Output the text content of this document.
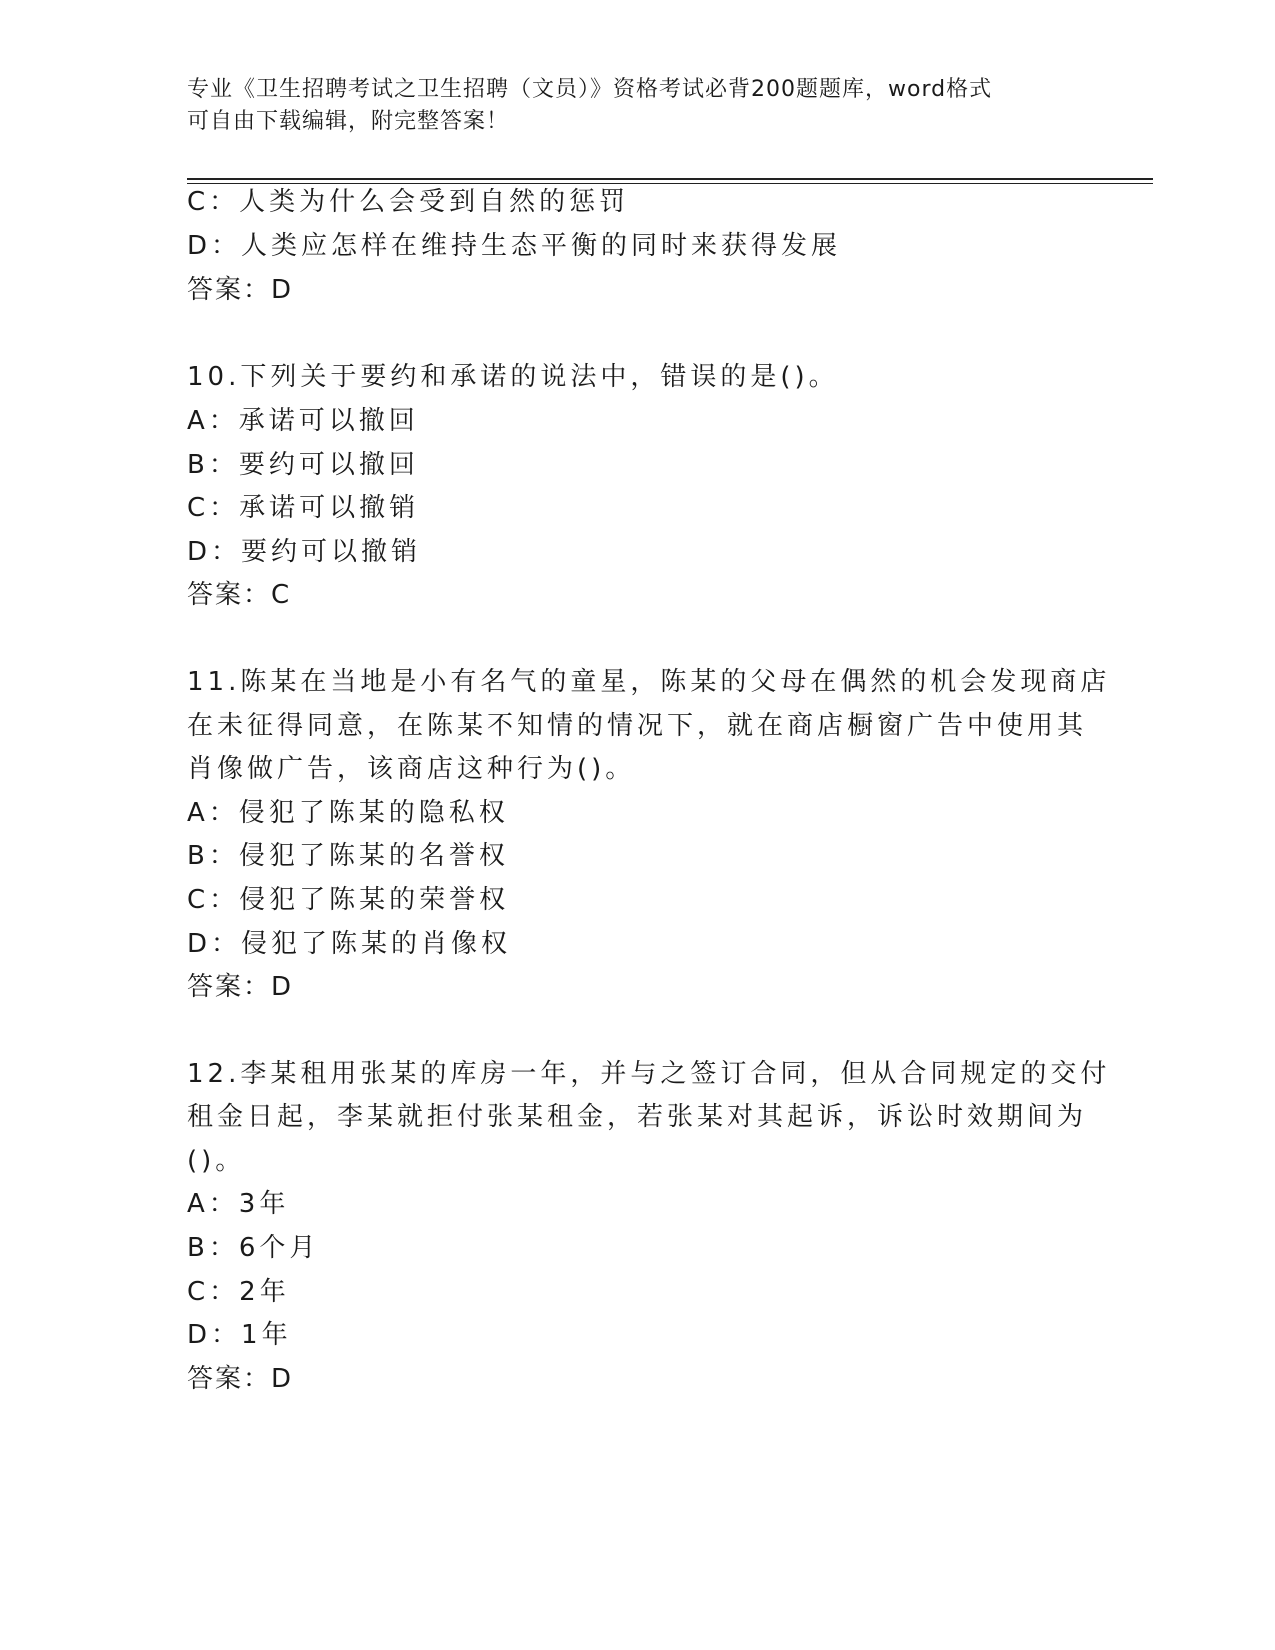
专业《卫生招聘考试之卫生招聘（文员）》资格考试必背200题题库，word格式
可自由下载编辑，附完整答案！
C：人类为什么会受到自然的惩罚
D：人类应怎样在维持生态平衡的同时来获得发展
答案：D
10.下列关于要约和承诺的说法中，错误的是()。
A：承诺可以撤回
B：要约可以撤回
C：承诺可以撤销
D：要约可以撤销
答案：C
11.陈某在当地是小有名气的童星，陈某的父母在偶然的机会发现商店
在未征得同意，在陈某不知情的情况下，就在商店橱窗广告中使用其
肖像做广告，该商店这种行为()。
A：侵犯了陈某的隐私权
B：侵犯了陈某的名誉权
C：侵犯了陈某的荣誉权
D：侵犯了陈某的肖像权
答案：D
12.李某租用张某的库房一年，并与之签订合同，但从合同规定的交付
租金日起，李某就拒付张某租金，若张某对其起诉，诉讼时效期间为
()。
A：3年
B：6个月
C：2年
D：1年
答案：D
